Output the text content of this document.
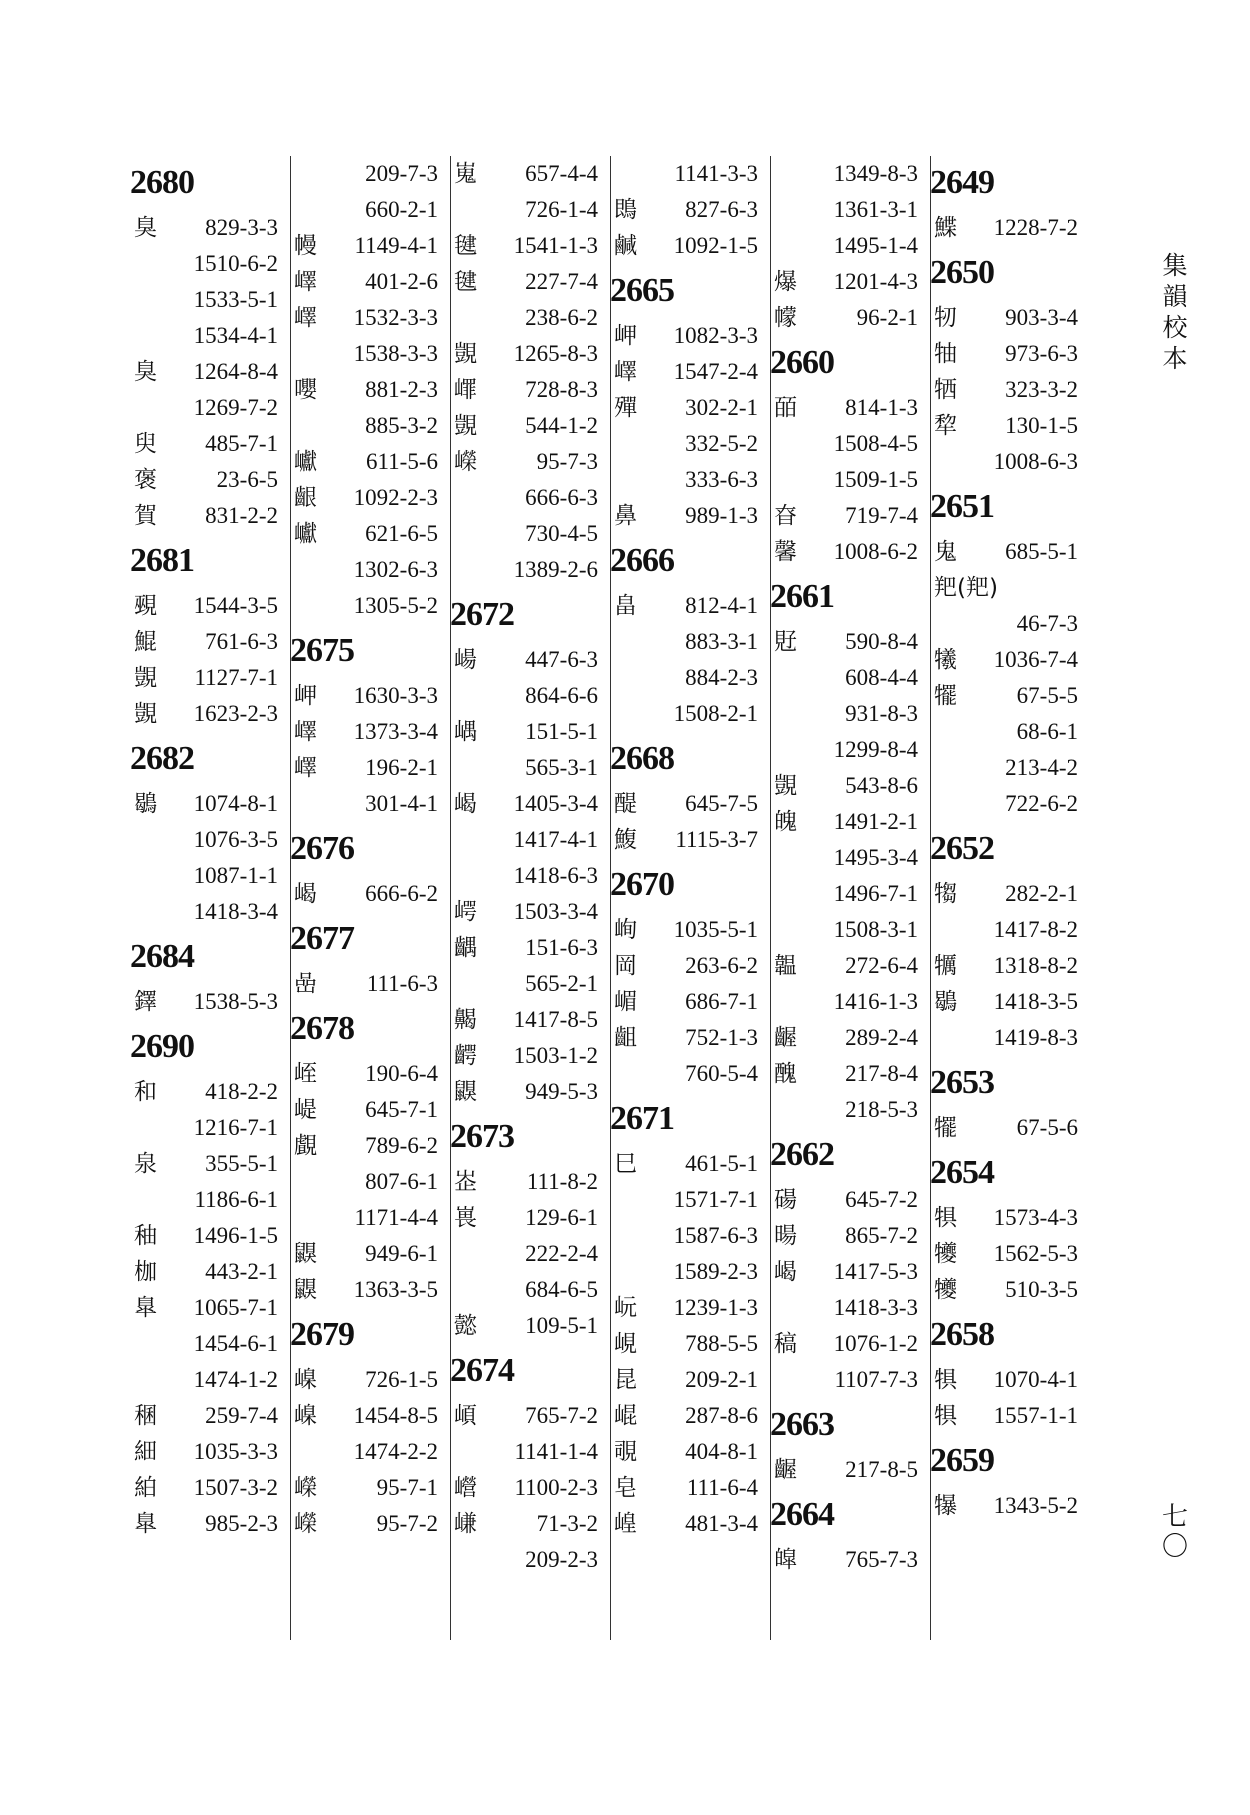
2680
臭 829-3-3
1510-6-2
1533-5-1
1534-4-1
臭 1264-8-4
1269-7-2
臾 485-7-1
褒	23-6-5
賀 831-2-2
2681
覡 1544-3-5
鯤 761-6-3
覬 1127-7-1
覬 1623-2-3
2682
鶡 1074-8-1
1076-3-5
1087-1-1
1418-3-4
2684
鐸 1538-5-3
2690
和 418-2-2
1216-7-1
泉 355-5-1
1186-6-1
秞 1496-1-5
枷 443-2-1
臯 1065-7-1
1454-6-1
1474-1-2
稛 259-7-4
細 1035-3-3
絈 1507-3-2
臯 985-2-3
209-7-3
660-2-1
幔 1149-4-1
嶧 401-2-6
嶧 1532-3-3
1538-3-3
嚶 881-2-3
885-3-2
巘 611-5-6
齦 1092-2-3
巘 621-6-5
1302-6-3
1305-5-2
2675
岬 1630-3-3
嶧 1373-3-4
嶧 196-2-1
301-4-1
2676
嵑 666-6-2
2677
嵒 111-6-3
2678
峌 190-6-4
崼 645-7-1
覰 789-6-2
807-6-1
1171-4-4
鼳 949-6-1
鼳 1363-3-5
2679
嵲 726-1-5
嵲 1454-8-5
1474-2-2
嶸	95-7-1
嶸	95-7-2
嵬 657-4-4
726-1-4
毽 1541-1-3
毽 227-7-4
238-6-2
覬 1265-8-3
嶵 728-8-3
覬 544-1-2
嶸	95-7-3
666-6-3
730-4-5
1389-2-6
2672
崵 447-6-3
864-6-6
嵎 151-5-1
565-3-1
嵑 1405-3-4
1417-4-1
1418-6-3
崿 1503-3-4
齵 151-6-3
565-2-1
齃 1417-8-5
齶 1503-1-2
鼳 949-5-3
2673
峜 111-8-2
嵔 129-6-1
222-2-4
684-6-5
懿 109-5-1
2674
崸 765-7-2
1141-1-4
巆 1100-2-3
嵰	71-3-2
209-2-3
1141-3-3
鵖 827-6-3
鹹 1092-1-5
2665
岬 1082-3-3
嶧 1547-2-4
殫 302-2-1
332-5-2
333-6-3
鼻 989-1-3
2666
畠 812-4-1
883-3-1
884-2-3
1508-2-1
2668
醍 645-7-5
鰒 1115-3-7
2670
峋 1035-5-1
岡 263-6-2
嵋 686-7-1
齟 752-1-3
760-5-4
2671
巳 461-5-1
1571-7-1
1587-6-3
1589-2-3
岏 1239-1-3
峴 788-5-5
昆 209-2-1
崐 287-8-6
覗 404-8-1
皂 111-6-4
崲 481-3-4
1349-8-3
1361-3-1
1495-1-4
爆 1201-4-3
幪	96-2-1
2660
皕 814-1-3
1508-4-5
1509-1-5
昚 719-7-4
馨 1008-6-2
2661
覎 590-8-4
608-4-4
931-8-3
1299-8-4
覬 543-8-6
魄 1491-2-1
1495-3-4
1496-7-1
1508-3-1
韞 272-6-4
1416-1-3
齷 289-2-4
醜 217-8-4
218-5-3
2662
碭 645-7-2
暘 865-7-2
嵑 1417-5-3
1418-3-3
稿 1076-1-2
1107-7-3
2663
齷 217-8-5
2664
皡 765-7-3
2649
鰈 1228-7-2
2650
牣 903-3-4
牰 973-6-3
牺 323-3-2
犂 130-1-5
1008-6-3
2651
鬼 685-5-1
羓(羓)
46-7-3
犧 1036-7-4
犤	67-5-5
68-6-1
213-4-2
722-6-2
2652
犓 282-2-1
1417-8-2
犡 1318-8-2
鶡 1418-3-5
1419-8-3
2653
犤	67-5-6
2654
犋 1573-4-3
犪 1562-5-3
犪 510-3-5
2658
犋 1070-4-1
犋 1557-1-1
2659
犦 1343-5-2
集
韻
校
本
七
〇
